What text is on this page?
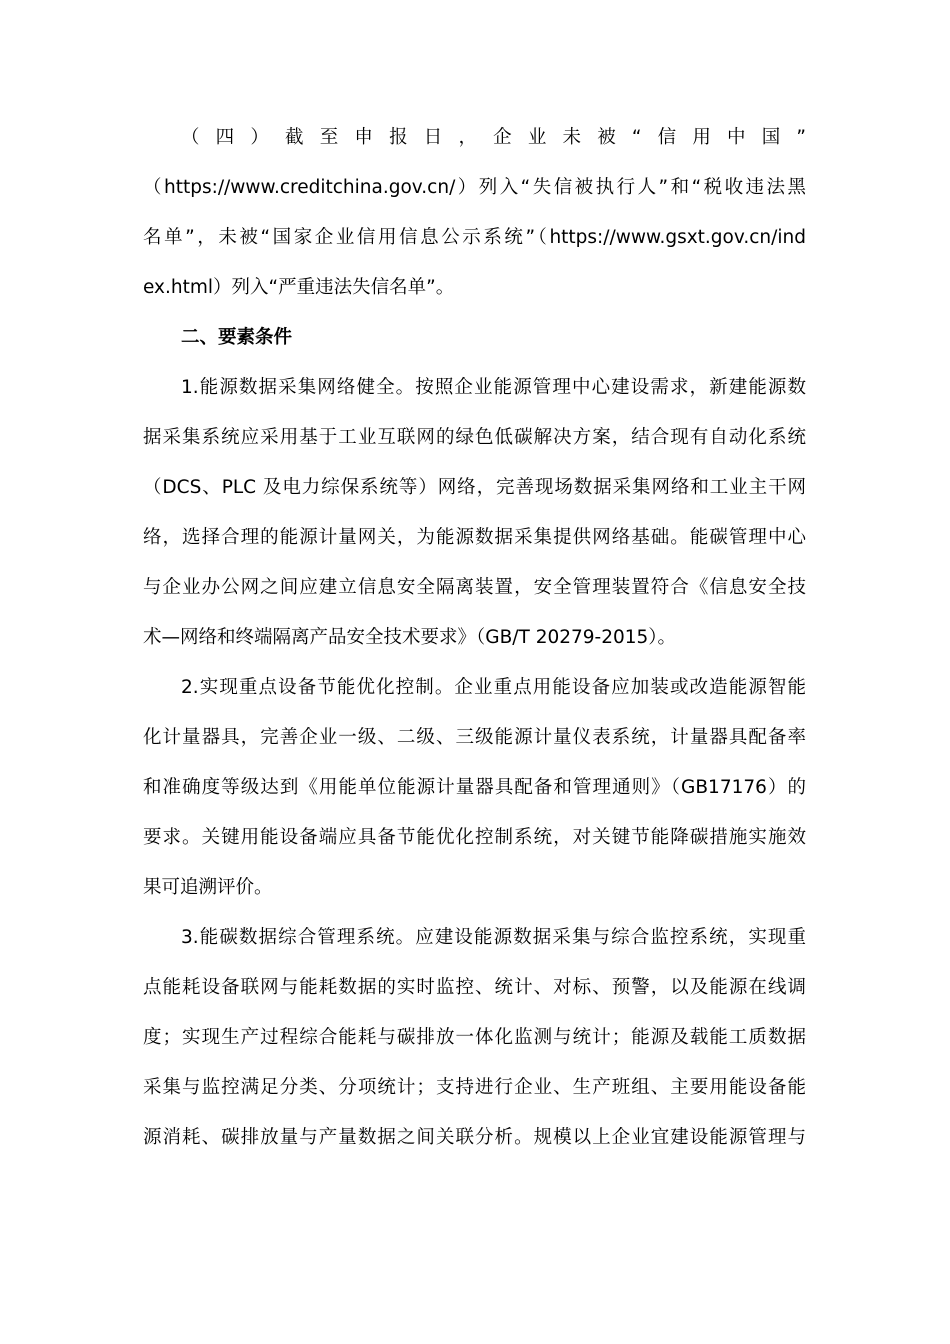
（四）截至申报日，企业未被“信用中国”
（https://www.creditchina.gov.cn/）列入“失信被执行人”和“税收违法黑
名单”，未被“国家企业信用信息公示系统”（https://www.gsxt.gov.cn/ind
ex.html）列入“严重违法失信名单”。
二、要素条件
1.能源数据采集网络健全。按照企业能源管理中心建设需求，新建能源数
据采集系统应采用基于工业互联网的绿色低碳解决方案，结合现有自动化系统
（DCS、PLC 及电力综保系统等）网络，完善现场数据采集网络和工业主干网
络，选择合理的能源计量网关，为能源数据采集提供网络基础。能碳管理中心
与企业办公网之间应建立信息安全隔离装置，安全管理装置符合《信息安全技
术—网络和终端隔离产品安全技术要求》（GB/T 20279-2015）。
2.实现重点设备节能优化控制。企业重点用能设备应加装或改造能源智能
化计量器具，完善企业一级、二级、三级能源计量仪表系统，计量器具配备率
和准确度等级达到《用能单位能源计量器具配备和管理通则》（GB17176）的
要求。关键用能设备端应具备节能优化控制系统，对关键节能降碳措施实施效
果可追溯评价。
3.能碳数据综合管理系统。应建设能源数据采集与综合监控系统，实现重
点能耗设备联网与能耗数据的实时监控、统计、对标、预警，以及能源在线调
度；实现生产过程综合能耗与碳排放一体化监测与统计；能源及载能工质数据
采集与监控满足分类、分项统计；支持进行企业、生产班组、主要用能设备能
源消耗、碳排放量与产量数据之间关联分析。规模以上企业宜建设能源管理与
